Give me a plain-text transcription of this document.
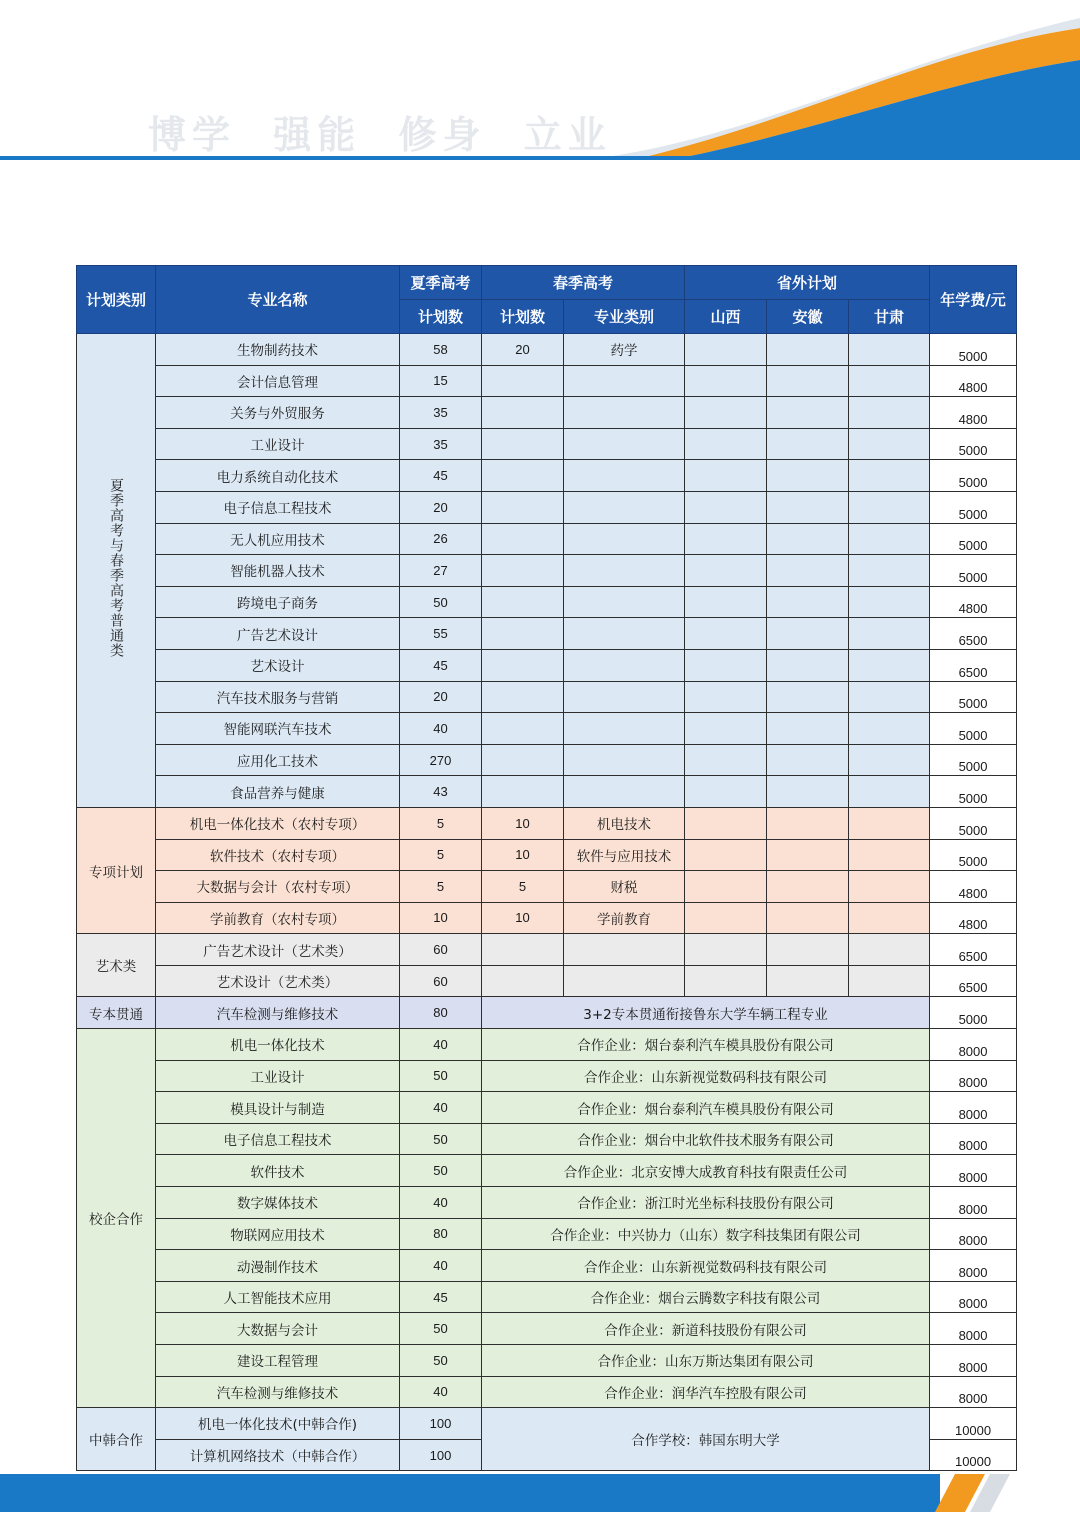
博学 强能 修身 立业
计划类别	专业名称	夏季高考	春季高考		省外计划			年学费/元
		计划数	计划数	专业类别	山西	安徽	甘肃	
夏季高考与春季高考普通类	生物制药技术	58	20	药学				5000
	会计信息管理	15						4800
	关务与外贸服务	35						4800
	工业设计	35						5000
	电力系统自动化技术	45						5000
	电子信息工程技术	20						5000
	无人机应用技术	26						5000
	智能机器人技术	27						5000
	跨境电子商务	50						4800
	广告艺术设计	55						6500
	艺术设计	45						6500
	汽车技术服务与营销	20						5000
	智能网联汽车技术	40						5000
	应用化工技术	270						5000
	食品营养与健康	43						5000
专项计划	机电一体化技术（农村专项）	5	10	机电技术				5000
	软件技术（农村专项）	5	10	软件与应用技术				5000
	大数据与会计（农村专项）	5	5	财税				4800
	学前教育（农村专项）	10	10	学前教育				4800
艺术类	广告艺术设计（艺术类）	60						6500
	艺术设计（艺术类）	60						6500
专本贯通	汽车检测与维修技术	80	3+2专本贯通衔接鲁东大学车辆工程专业					5000
校企合作	机电一体化技术	40	合作企业：烟台泰利汽车模具股份有限公司					8000
	工业设计	50	合作企业：山东新视觉数码科技有限公司					8000
	模具设计与制造	40	合作企业：烟台泰利汽车模具股份有限公司					8000
	电子信息工程技术	50	合作企业：烟台中北软件技术服务有限公司					8000
	软件技术	50	合作企业：北京安博大成教育科技有限责任公司					8000
	数字媒体技术	40	合作企业：浙江时光坐标科技股份有限公司					8000
	物联网应用技术	80	合作企业：中兴协力（山东）数字科技集团有限公司					8000
	动漫制作技术	40	合作企业：山东新视觉数码科技有限公司					8000
	人工智能技术应用	45	合作企业：烟台云腾数字科技有限公司					8000
	大数据与会计	50	合作企业：新道科技股份有限公司					8000
	建设工程管理	50	合作企业：山东万斯达集团有限公司					8000
	汽车检测与维修技术	40	合作企业：润华汽车控股有限公司					8000
中韩合作	机电一体化技术(中韩合作)	100	合作学校：韩国东明大学					10000
	计算机网络技术（中韩合作）	100						10000
